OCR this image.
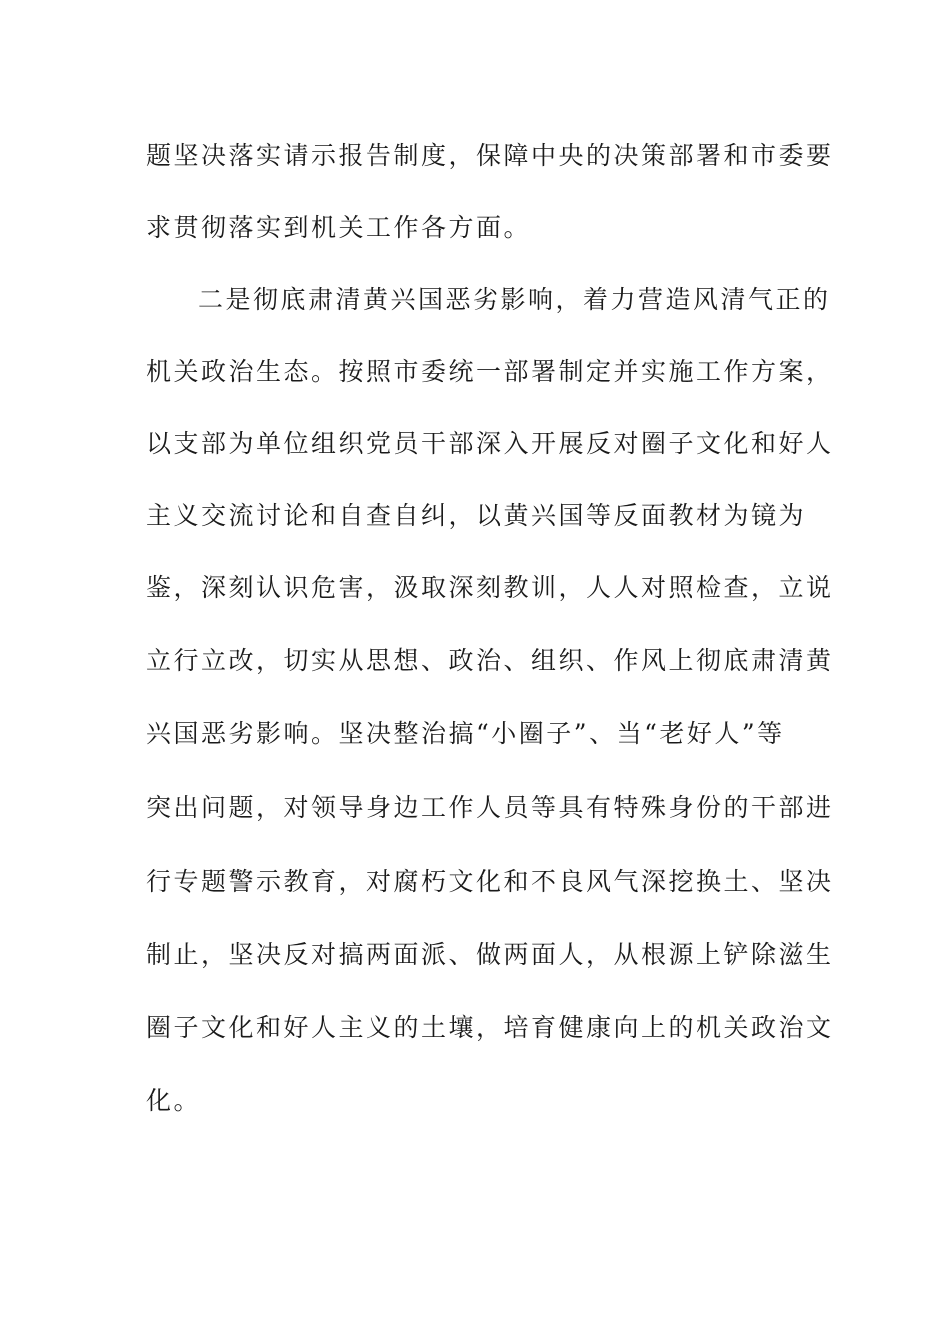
题坚决落实请示报告制度，保障中央的决策部署和市委要
求贯彻落实到机关工作各方面。
二是彻底肃清黄兴国恶劣影响，着力营造风清气正的
机关政治生态。按照市委统一部署制定并实施工作方案，
以支部为单位组织党员干部深入开展反对圈子文化和好人
主义交流讨论和自查自纠，以黄兴国等反面教材为镜为
鉴，深刻认识危害，汲取深刻教训，人人对照检查，立说
立行立改，切实从思想、政治、组织、作风上彻底肃清黄
兴国恶劣影响。坚决整治搞“小圈子”、当“老好人”等
突出问题，对领导身边工作人员等具有特殊身份的干部进
行专题警示教育，对腐朽文化和不良风气深挖换土、坚决
制止，坚决反对搞两面派、做两面人，从根源上铲除滋生
圈子文化和好人主义的土壤，培育健康向上的机关政治文
化。
